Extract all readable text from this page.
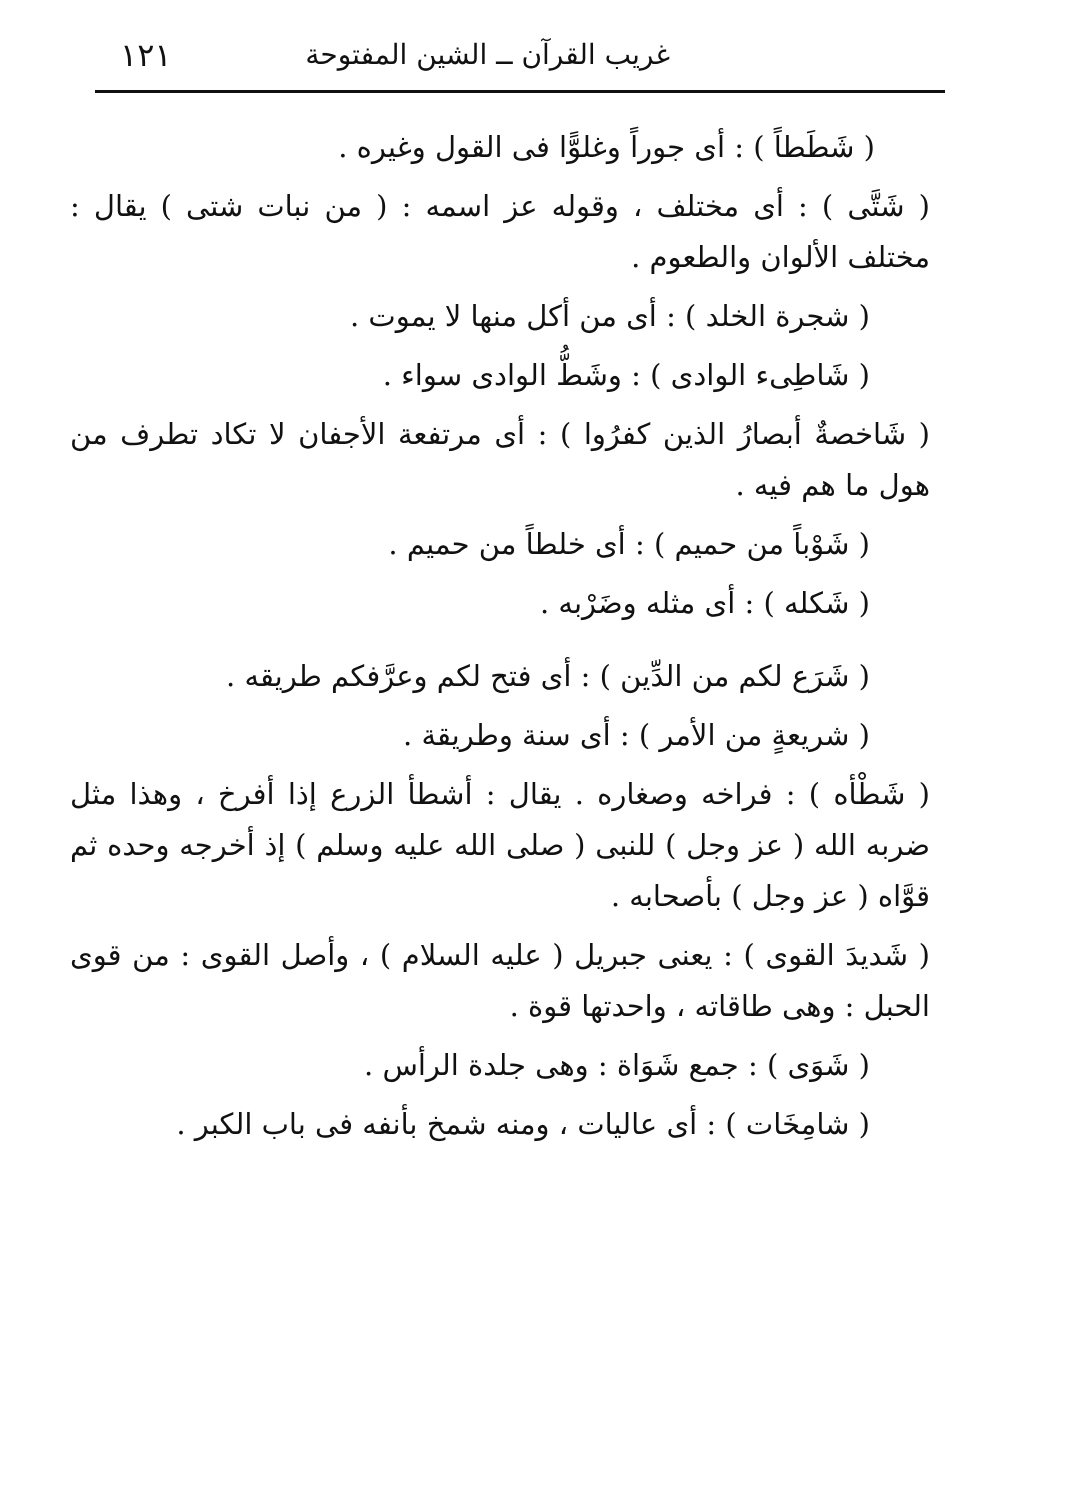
غريب القرآن ــ الشين المفتوحة
١٢١

( شَطَطاً ) : أى جوراً وغلوًّا فى القول وغيره .

( شَتَّى ) : أى مختلف ، وقوله عز اسمه : ( من نبات شتى ) يقال : مختلف الألوان والطعوم .

( شجرة الخلد ) : أى من أكل منها لا يموت .

( شَاطِىء الوادى ) : وشَطُّ الوادى سواء .

( شَاخصةٌ أبصارُ الذين كفرُوا ) : أى مرتفعة الأجفان لا تكاد تطرف من هول ما هم فيه .

( شَوْباً من حميم ) : أى خلطاً من حميم .

( شَكله ) : أى مثله وضَرْبه .

( شَرَع لكم من الدِّين ) : أى فتح لكم وعرَّفكم طريقه .

( شريعةٍ من الأمر ) : أى سنة وطريقة .

( شَطْأه ) : فراخه وصغاره . يقال : أشطأ الزرع إذا أفرخ ، وهذا مثل ضربه الله ( عز وجل ) للنبى ( صلى الله عليه وسلم ) إذ أخرجه وحده ثم قوَّاه ( عز وجل ) بأصحابه .

( شَديدَ القوى ) : يعنى جبريل ( عليه السلام ) ، وأصل القوى : من قوى الحبل : وهى طاقاته ، واحدتها قوة .

( شَوَى ) : جمع شَوَاة : وهى جلدة الرأس .

( شامِخَات ) : أى عاليات ، ومنه شمخ بأنفه فى باب الكبر .
